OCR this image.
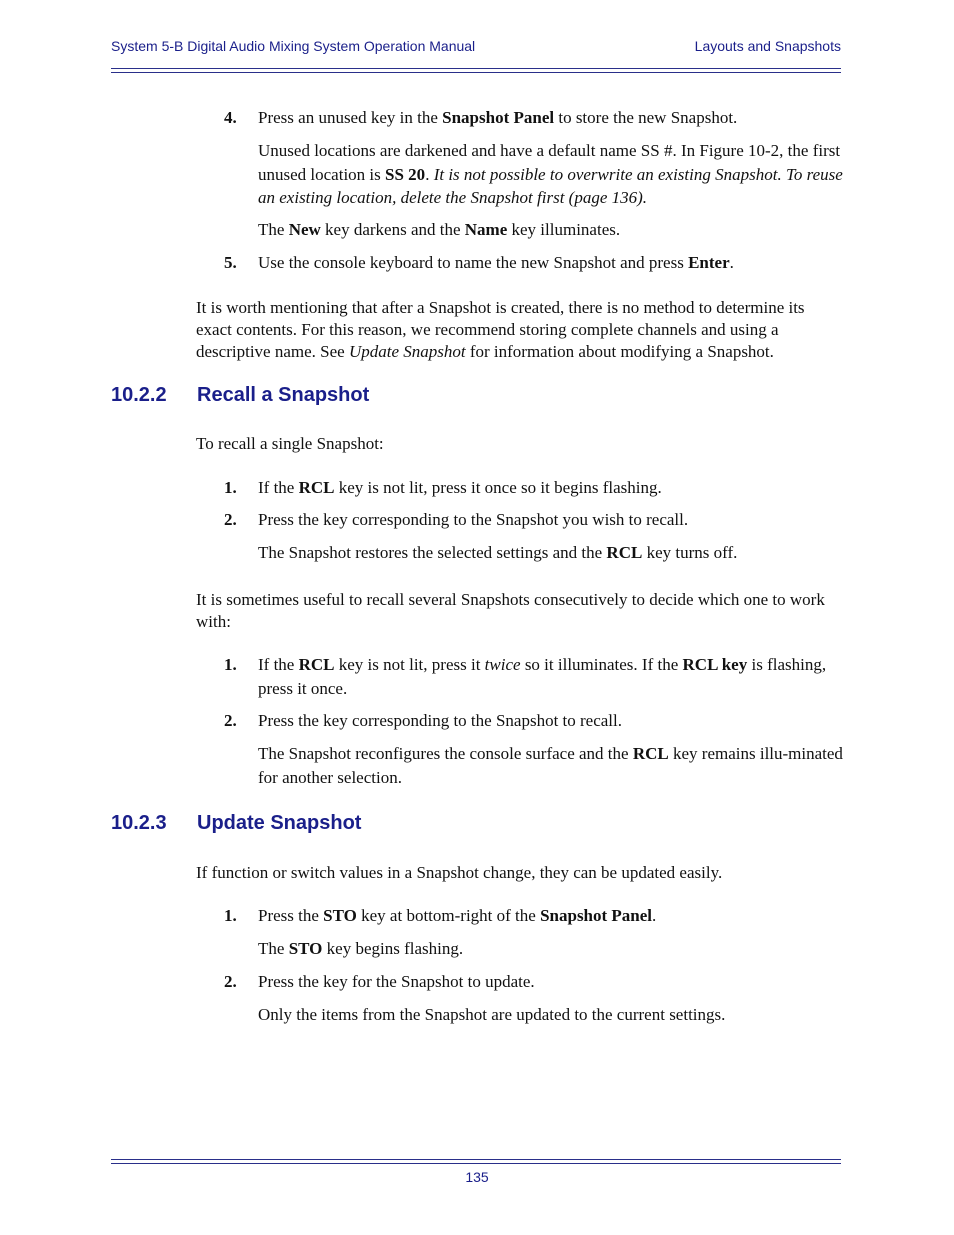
System 5-B Digital Audio Mixing System Operation Manual	Layouts and Snapshots
4. Press an unused key in the Snapshot Panel to store the new Snapshot.
Unused locations are darkened and have a default name SS #. In Figure 10-2, the first unused location is SS 20. It is not possible to overwrite an existing Snapshot. To reuse an existing location, delete the Snapshot first (page 136).
The New key darkens and the Name key illuminates.
5. Use the console keyboard to name the new Snapshot and press Enter.
It is worth mentioning that after a Snapshot is created, there is no method to determine its exact contents. For this reason, we recommend storing complete channels and using a descriptive name. See Update Snapshot for information about modifying a Snapshot.
10.2.2 Recall a Snapshot
To recall a single Snapshot:
1. If the RCL key is not lit, press it once so it begins flashing.
2. Press the key corresponding to the Snapshot you wish to recall.
The Snapshot restores the selected settings and the RCL key turns off.
It is sometimes useful to recall several Snapshots consecutively to decide which one to work with:
1. If the RCL key is not lit, press it twice so it illuminates. If the RCL key is flashing, press it once.
2. Press the key corresponding to the Snapshot to recall.
The Snapshot reconfigures the console surface and the RCL key remains illu-minated for another selection.
10.2.3 Update Snapshot
If function or switch values in a Snapshot change, they can be updated easily.
1. Press the STO key at bottom-right of the Snapshot Panel.
The STO key begins flashing.
2. Press the key for the Snapshot to update.
Only the items from the Snapshot are updated to the current settings.
135
